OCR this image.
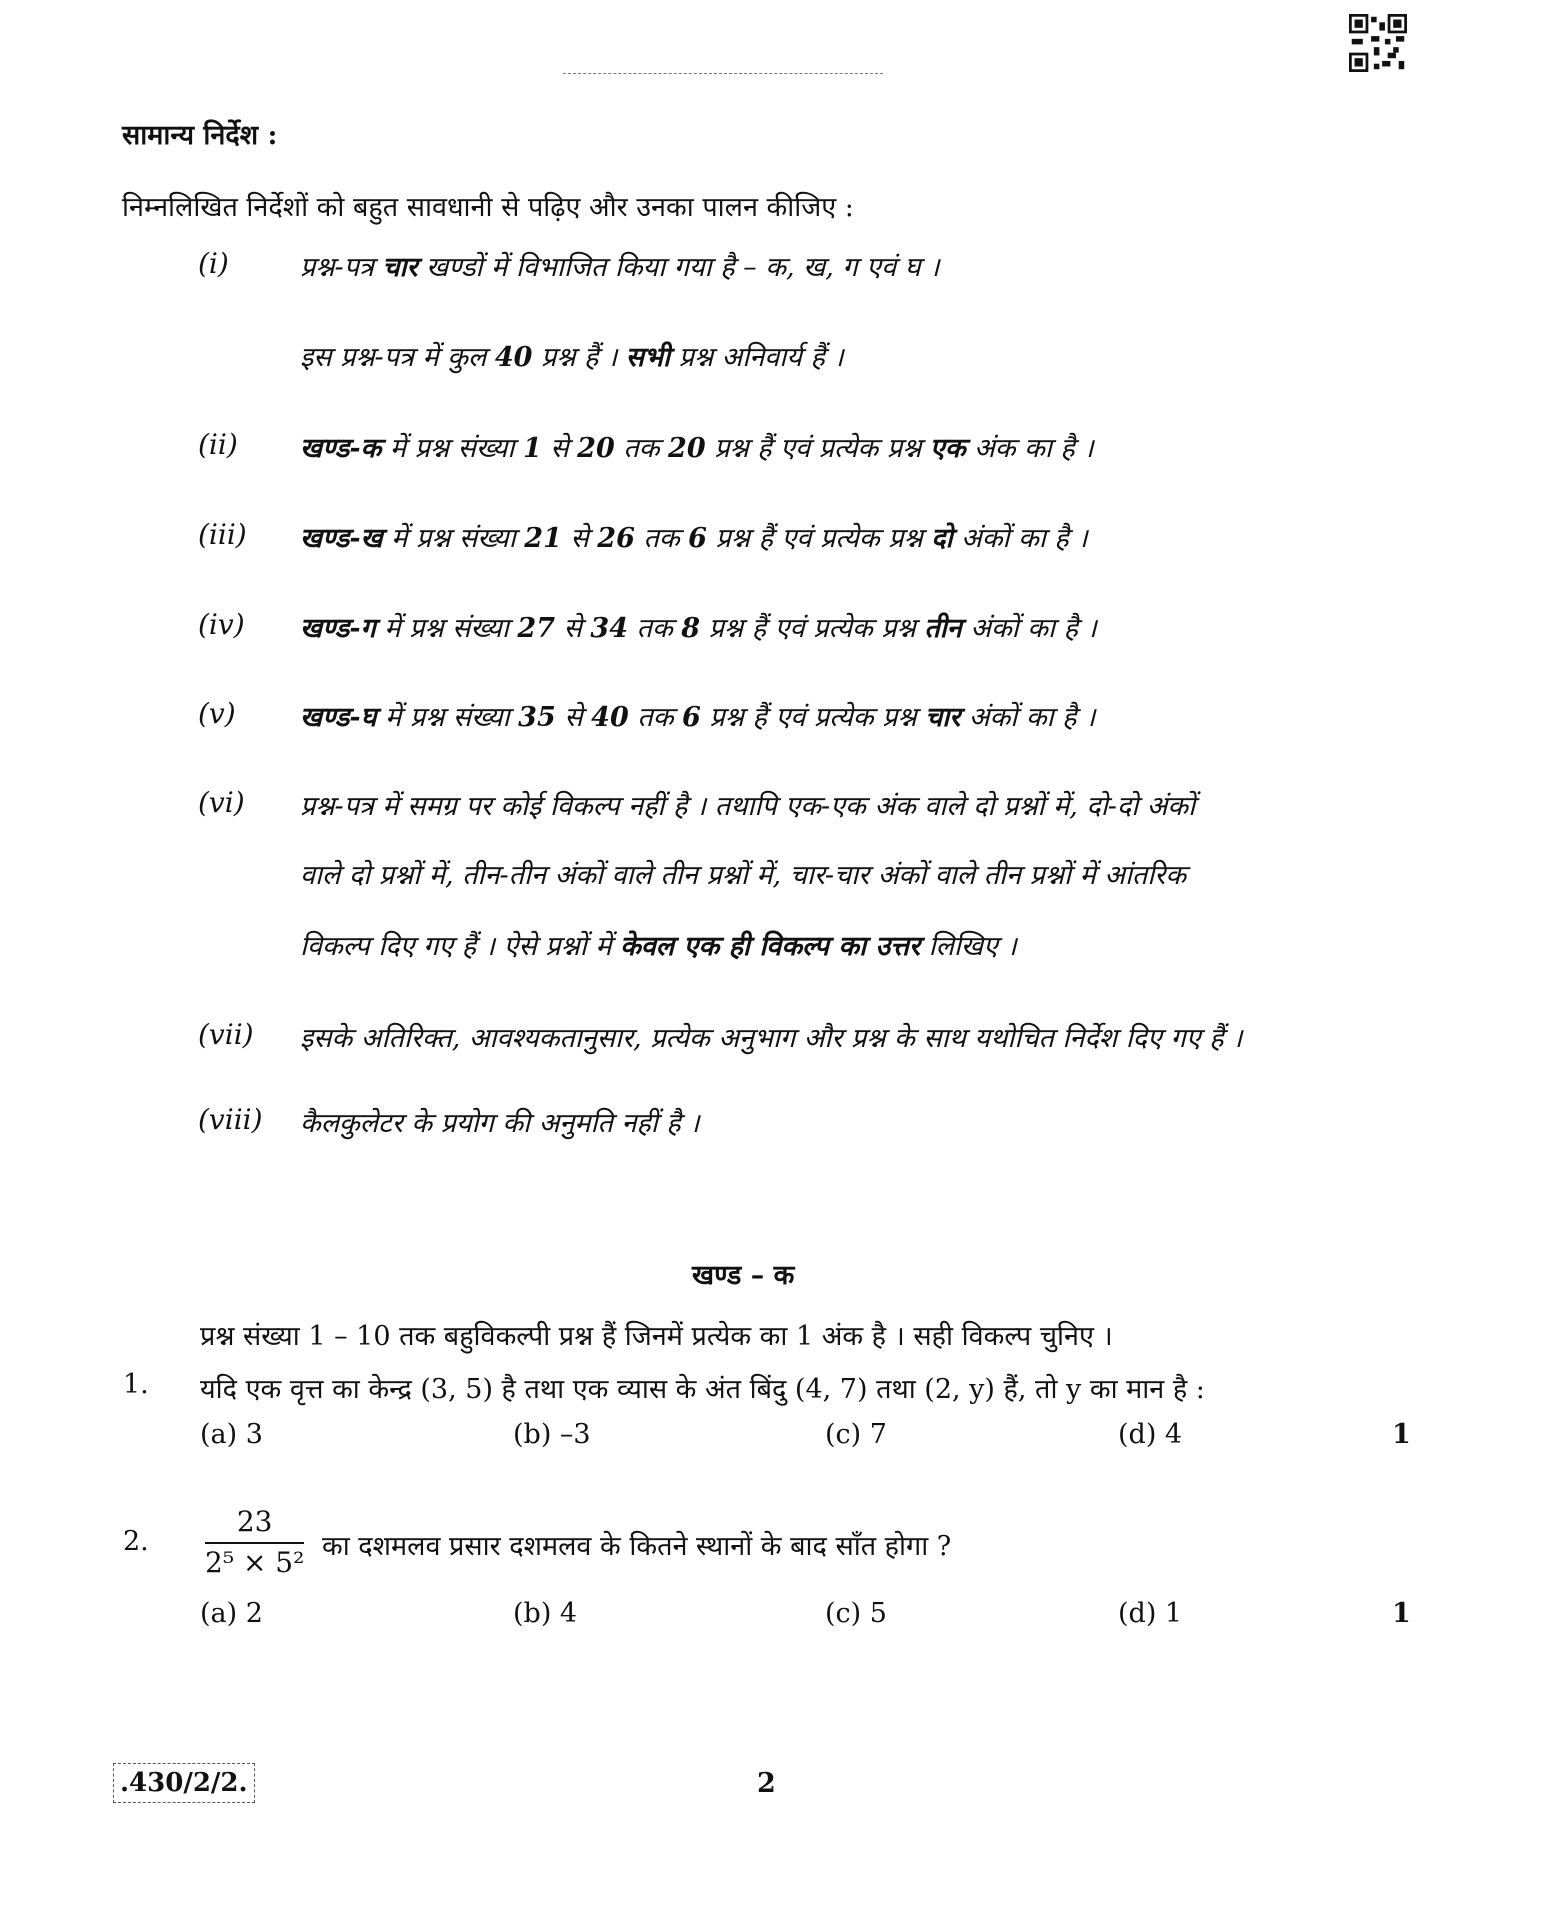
सामान्य निर्देश :
निम्नलिखित निर्देशों को बहुत सावधानी से पढ़िए और उनका पालन कीजिए :
(i)	प्रश्न-पत्र चार खण्डों में विभाजित किया गया है – क, ख, ग एवं घ ।
इस प्रश्न-पत्र में कुल 40 प्रश्न हैं । सभी प्रश्न अनिवार्य हैं ।
(ii) खण्ड-क में प्रश्न संख्या 1 से 20 तक 20 प्रश्न हैं एवं प्रत्येक प्रश्न एक अंक का है ।
(iii) खण्ड-ख में प्रश्न संख्या 21 से 26 तक 6 प्रश्न हैं एवं प्रत्येक प्रश्न दो अंकों का है ।
(iv) खण्ड-ग में प्रश्न संख्या 27 से 34 तक 8 प्रश्न हैं एवं प्रत्येक प्रश्न तीन अंकों का है ।
(v) खण्ड-घ में प्रश्न संख्या 35 से 40 तक 6 प्रश्न हैं एवं प्रत्येक प्रश्न चार अंकों का है ।
(vi) प्रश्न-पत्र में समग्र पर कोई विकल्प नहीं है । तथापि एक-एक अंक वाले दो प्रश्नों में, दो-दो अंकों
वाले दो प्रश्नों में, तीन-तीन अंकों वाले तीन प्रश्नों में, चार-चार अंकों वाले तीन प्रश्नों में आंतरिक
विकल्प दिए गए हैं । ऐसे प्रश्नों में केवल एक ही विकल्प का उत्तर लिखिए ।
(vii) इसके अतिरिक्त, आवश्यकतानुसार, प्रत्येक अनुभाग और प्रश्न के साथ यथोचित निर्देश दिए गए हैं ।
(viii) कैलकुलेटर के प्रयोग की अनुमति नहीं है ।
खण्ड – क
प्रश्न संख्या 1 – 10 तक बहुविकल्पी प्रश्न हैं जिनमें प्रत्येक का 1 अंक है । सही विकल्प चुनिए ।
1. यदि एक वृत्त का केन्द्र (3, 5) है तथा एक व्यास के अंत बिंदु (4, 7) तथा (2, y) हैं, तो y का मान है :
(a) 3	(b) –3	(c) 7	(d) 4	1
2. $\frac{23}{\text{2⁵ × 5²}}$ का दशमलव प्रसार दशमलव के कितने स्थानों के बाद साँत होगा ?
(a) 2	(b) 4	(c) 5	(d) 1	1
.430/2/2.	2
